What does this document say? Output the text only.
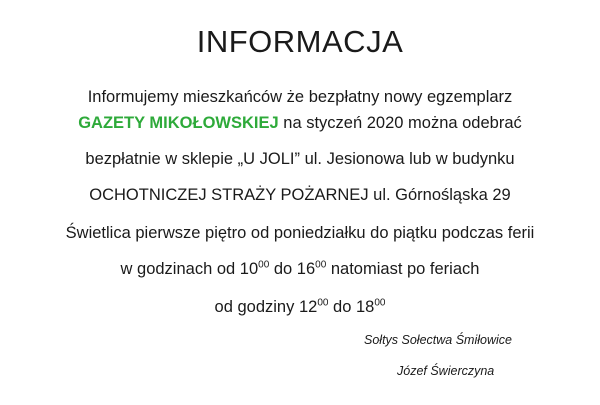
INFORMACJA
Informujemy mieszkańców że bezpłatny nowy egzemplarz
GAZETY MIKOŁOWSKIEJ na styczeń 2020 można odebrać
bezpłatnie w sklepie „U JOLI” ul. Jesionowa lub w budynku
OCHOTNICZEJ STRAŻY POŻARNEJ ul. Górnośląska 29
Świetlica pierwsze piętro od poniedziałku do piątku podczas ferii
w godzinach od $10^{00}$ do $16^{00}$ natomiast po feriach
od godziny $12^{00}$ do $18^{00}$
Sołtys Sołectwa Śmiłowice
Józef Świerczyna
